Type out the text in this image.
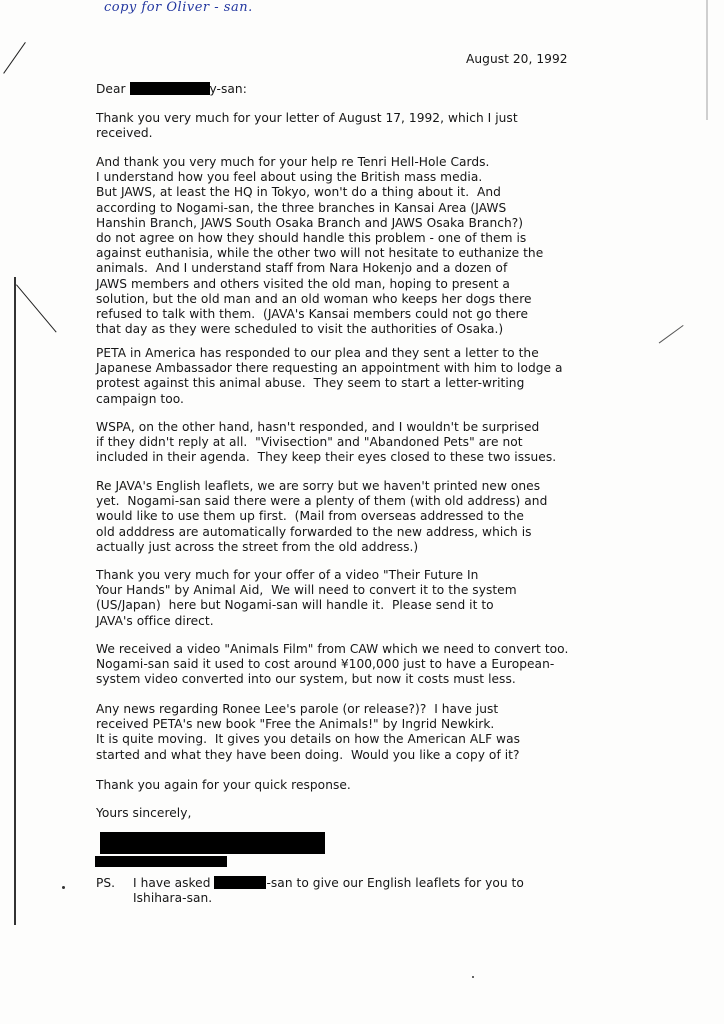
copy for Oliver - san.
August 20, 1992
Dear	y-san:
Thank you very much for your letter of August 17, 1992, which I just
received.
And thank you very much for your help re Tenri Hell-Hole Cards.
I understand how you feel about using the British mass media.
But JAWS, at least the HQ in Tokyo, won't do a thing about it.  And
according to Nogami-san, the three branches in Kansai Area (JAWS
Hanshin Branch, JAWS South Osaka Branch and JAWS Osaka Branch?)
do not agree on how they should handle this problem - one of them is
against euthanisia, while the other two will not hesitate to euthanize the
animals.  And I understand staff from Nara Hokenjo and a dozen of
JAWS members and others visited the old man, hoping to present a
solution, but the old man and an old woman who keeps her dogs there
refused to talk with them.  (JAVA's Kansai members could not go there
that day as they were scheduled to visit the authorities of Osaka.)
PETA in America has responded to our plea and they sent a letter to the
Japanese Ambassador there requesting an appointment with him to lodge a
protest against this animal abuse.  They seem to start a letter-writing
campaign too.
WSPA, on the other hand, hasn't responded, and I wouldn't be surprised
if they didn't reply at all.  "Vivisection" and "Abandoned Pets" are not
included in their agenda.  They keep their eyes closed to these two issues.
Re JAVA's English leaflets, we are sorry but we haven't printed new ones
yet.  Nogami-san said there were a plenty of them (with old address) and
would like to use them up first.  (Mail from overseas addressed to the
old adddress are automatically forwarded to the new address, which is
actually just across the street from the old address.)
Thank you very much for your offer of a video "Their Future In
Your Hands" by Animal Aid,  We will need to convert it to the system
(US/Japan)  here but Nogami-san will handle it.  Please send it to
JAVA's office direct.
We received a video "Animals Film" from CAW which we need to convert too.
Nogami-san said it used to cost around ¥100,000 just to have a European-
system video converted into our system, but now it costs must less.
Any news regarding Ronee Lee's parole (or release?)?  I have just
received PETA's new book "Free the Animals!" by Ingrid Newkirk.
It is quite moving.  It gives you details on how the American ALF was
started and what they have been doing.  Would you like a copy of it?
Thank you again for your quick response.
Yours sincerely,
PS. I have asked	-san to give our English leaflets for you to
Ishihara-san.
